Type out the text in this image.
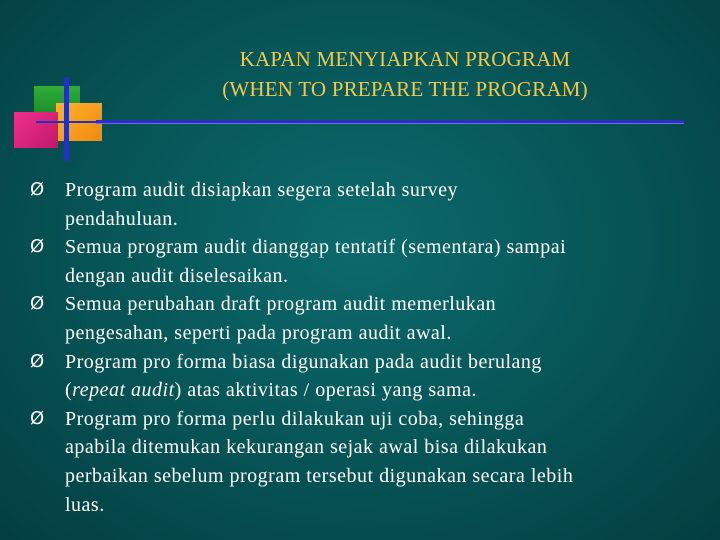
KAPAN MENYIAPKAN PROGRAM
(WHEN TO PREPARE THE PROGRAM)
Ø Program audit disiapkan segera setelah survey
pendahuluan.
Ø Semua program audit dianggap tentatif (sementara) sampai
dengan audit diselesaikan.
Ø Semua perubahan draft program audit memerlukan
pengesahan, seperti pada program audit awal.
Ø Program pro forma biasa digunakan pada audit berulang
(repeat audit) atas aktivitas / operasi yang sama.
Ø Program pro forma perlu dilakukan uji coba, sehingga
apabila ditemukan kekurangan sejak awal bisa dilakukan
perbaikan sebelum program tersebut digunakan secara lebih
luas.
